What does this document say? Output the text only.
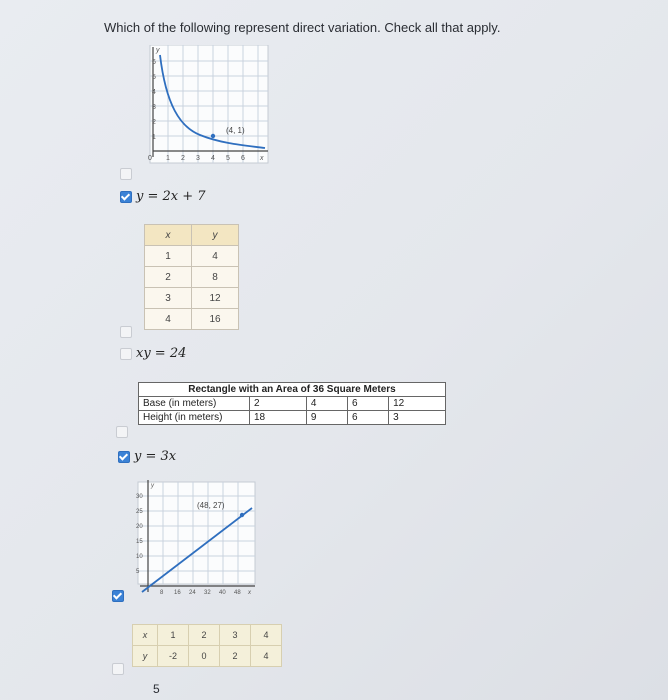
Which of the following represent direct variation. Check all that apply.
(4, 1)
6
5
4
3
2
1
0 1 2 3 4 5 6 x
y
y = 2x + 7
x	y
1	4
2	8
3	12
4	16
xy = 24
Rectangle with an Area of 36 Square Meters				
Base (in meters)	2	4	6	12
Height (in meters)	18	9	6	3
y = 3x
(48, 27)
30
25
20
15
10
5
8 16 24 32 40 48 x
y
x	1	2	3	4
y	-2	0	2	4
5
